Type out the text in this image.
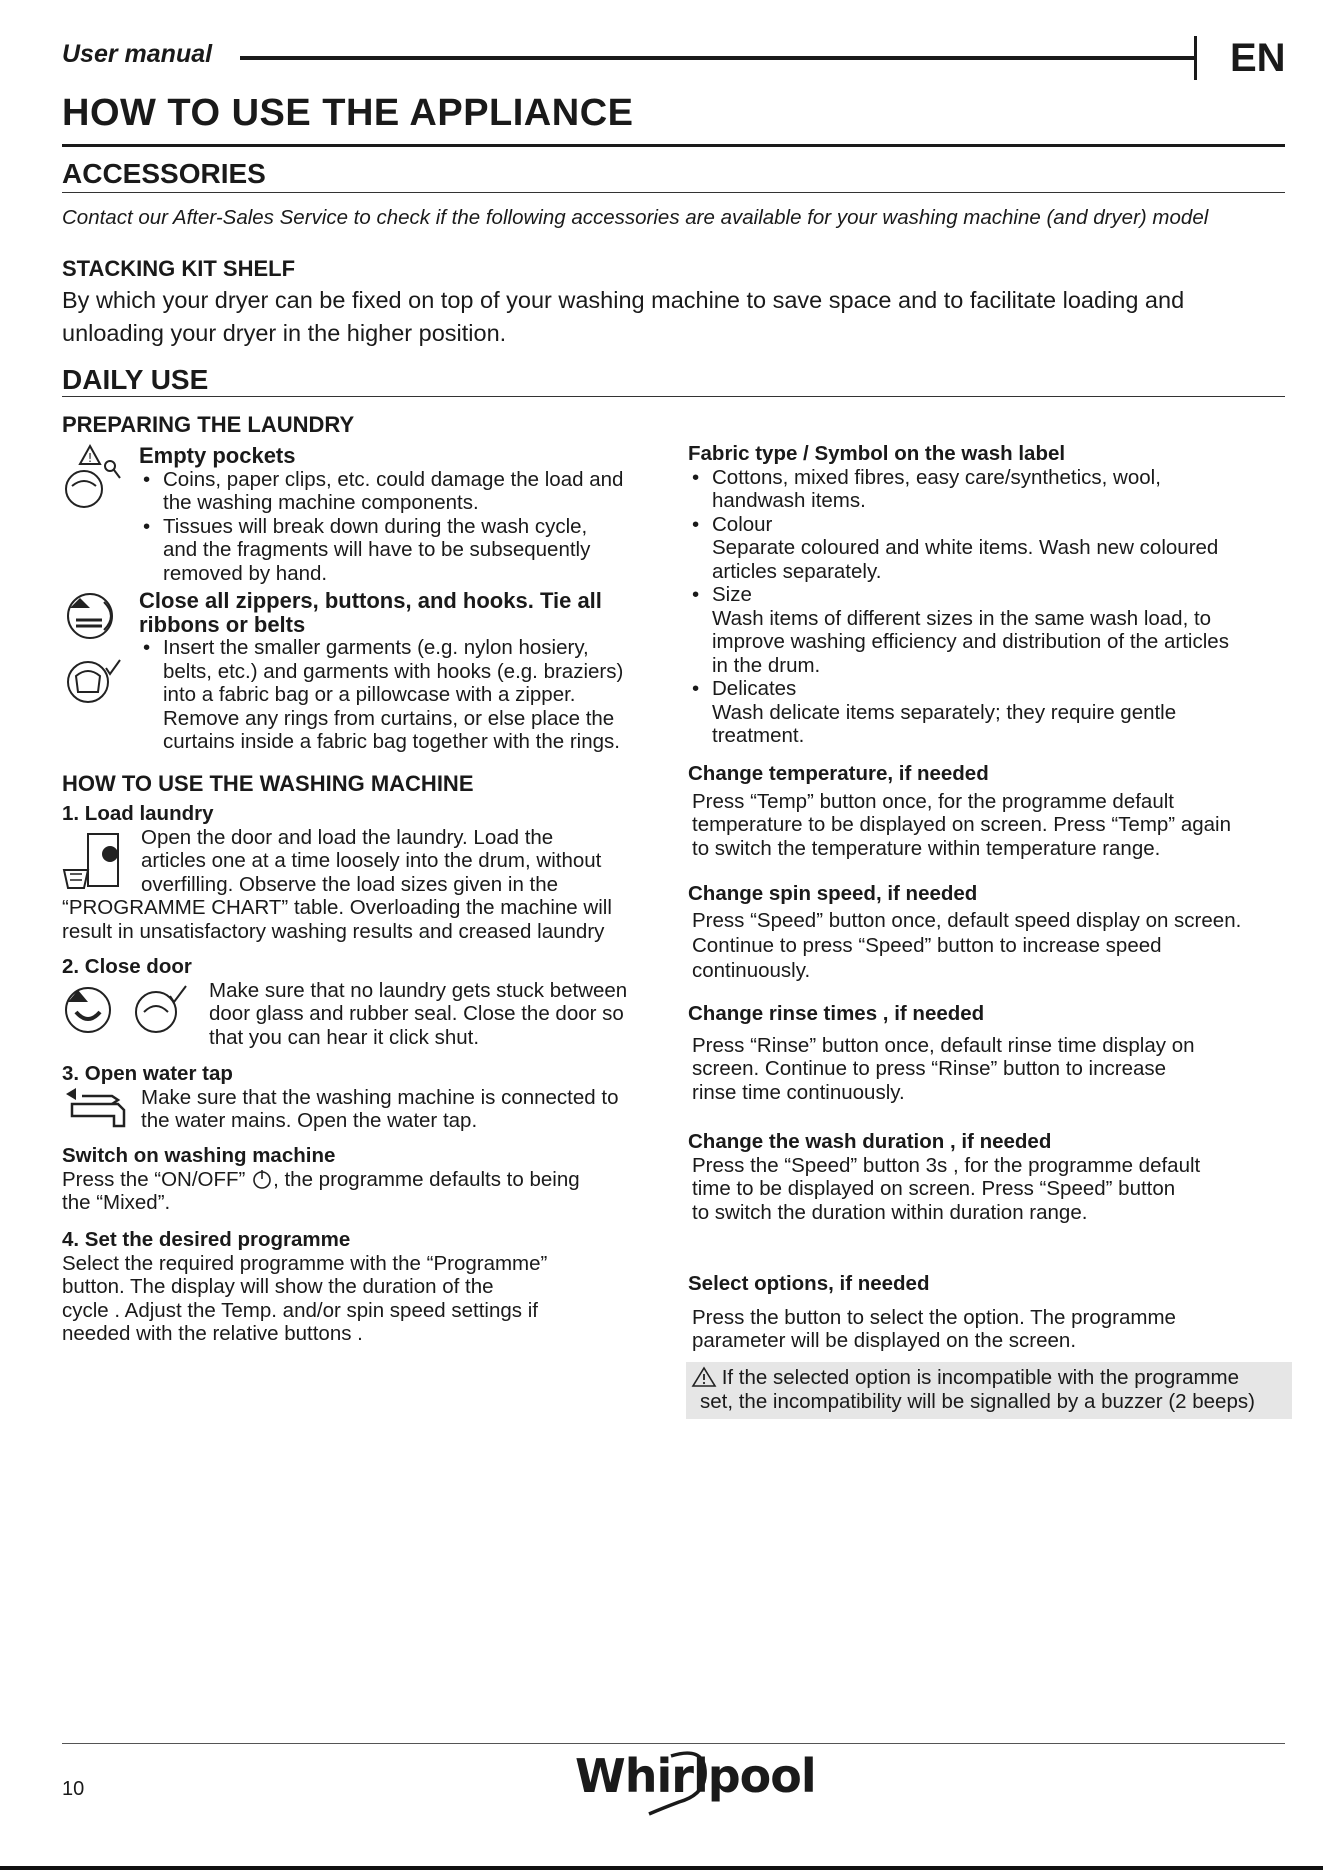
User manual	EN
HOW TO USE THE APPLIANCE
ACCESSORIES
Contact our After-Sales Service to check if the following accessories are available for your washing machine (and dryer) model
STACKING KIT SHELF
By which your dryer can be fixed on top of your washing machine to save space and to facilitate loading and
unloading your dryer in the higher position.
DAILY USE
PREPARING THE LAUNDRY
! Empty pockets

• Coins, paper clips, etc. could damage the load and
the washing machine components.
• Tissues will break down during the wash cycle,
and the fragments will have to be subsequently
removed by hand.

Close all zippers, buttons, and hooks. Tie all

ribbons or belts

• Insert the smaller garments (e.g. nylon hosiery,
belts, etc.) and garments with hooks (e.g. braziers)
into a fabric bag or a pillowcase with a zipper.
Remove any rings from curtains, or else place the
curtains inside a fabric bag together with the rings.
HOW TO USE THE WASHING MACHINE

1. Load laundry

Open the door and load the laundry. Load the
articles one at a time loosely into the drum, without
overfilling. Observe the load sizes given in the
“PROGRAMME CHART” table. Overloading the machine will
result in unsatisfactory washing results and creased laundry

2. Close door

Make sure that no laundry gets stuck between
door glass and rubber seal. Close the door so
that you can hear it click shut.

3. Open water tap

Make sure that the washing machine is connected to
the water mains. Open the water tap.

Switch on washing machine

Press the “ON/OFF” , the programme defaults to being
the “Mixed”.

4. Set the desired programme

Select the required programme with the “Programme”
button. The display will show the duration of the
cycle . Adjust the Temp. and/or spin speed settings if
needed with the relative buttons .

Fabric type / Symbol on the wash label

• Cottons, mixed fibres, easy care/synthetics, wool,
handwash items.
• Colour
Separate coloured and white items. Wash new coloured
articles separately.
• Size
Wash items of different sizes in the same wash load, to
improve washing efficiency and distribution of the articles
in the drum.
• Delicates
Wash delicate items separately; they require gentle
treatment.

Change temperature, if needed

Press “Temp” button once, for the programme default
temperature to be displayed on screen. Press “Temp” again
to switch the temperature within temperature range.

Change spin speed, if needed

Press “Speed” button once, default speed display on screen.
Continue to press “Speed” button to increase speed
continuously.

Change rinse times , if needed

Press “Rinse” button once, default rinse time display on
screen. Continue to press “Rinse” button to increase
rinse time continuously.

Change the wash duration , if needed

Press the “Speed” button 3s , for the programme default
time to be displayed on screen. Press “Speed” button
to switch the duration within duration range.

Select options, if needed

Press the button to select the option. The programme
parameter will be displayed on the screen.
If the selected option is incompatible with the programme
set, the incompatibility will be signalled by a buzzer (2 beeps)
10	Whirlpool
